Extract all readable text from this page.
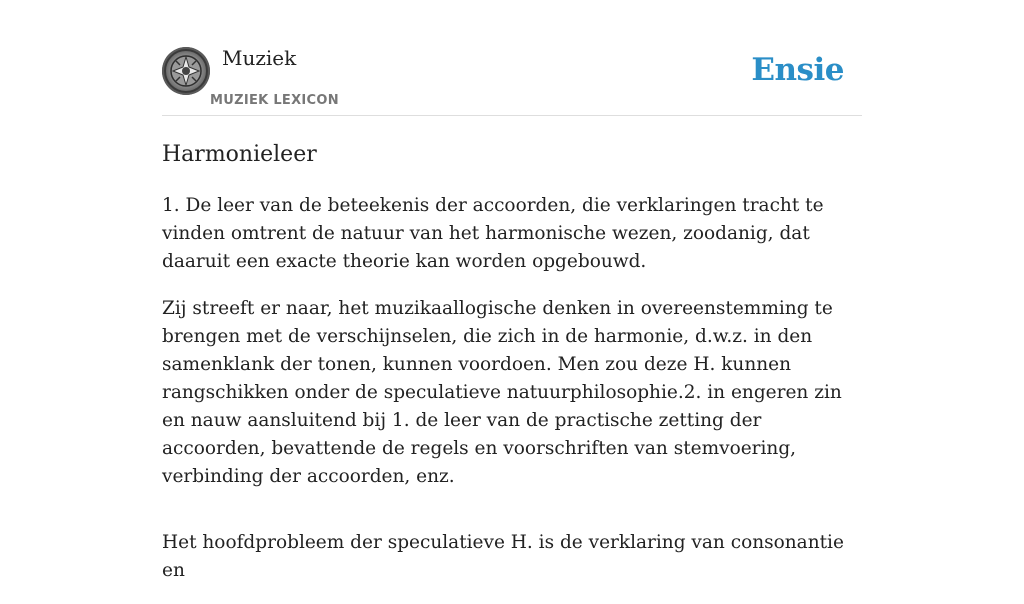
Muziek
MUZIEK LEXICON
Ensie
Harmonieleer

1. De leer van de beteekenis der accoorden, die verklaringen tracht te vinden omtrent de natuur van het harmonische wezen, zoodanig, dat daaruit een exacte theorie kan worden opgebouwd.

Zij streeft er naar, het muzikaallogische denken in overeenstemming te brengen met de verschijnselen, die zich in de harmonie, d.w.z. in den samenklank der tonen, kunnen voordoen. Men zou deze H. kunnen rangschikken onder de speculatieve natuurphilosophie.2. in engeren zin en nauw aansluitend bij 1. de leer van de practische zetting der accoorden, bevattende de regels en voorschriften van stemvoering, verbinding der accoorden, enz.

Het hoofdprobleem der speculatieve H. is de verklaring van consonantie en
